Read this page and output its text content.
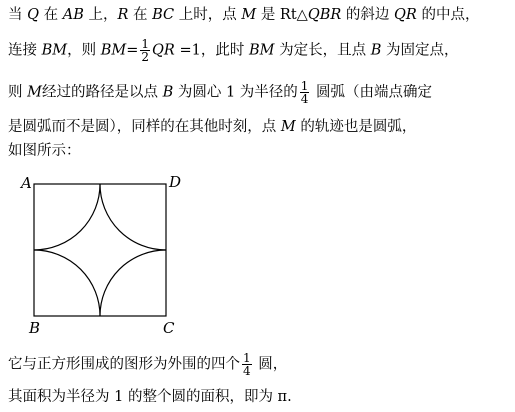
当 Q 在 AB 上，R 在 BC 上时，点 M 是 Rt△QBR 的斜边 QR 的中点，
连接 BM，则 $BM= \frac{1}{2}$ QR =1，此时 BM 为定长，且点 B 为固定点，
则 M经过的路径是以点 B 为圆心 1 为半径的 $\frac{1}{4}$ 圆弧（由端点确定
是圆弧而不是圆），同样的在其他时刻，点 M 的轨迹也是圆弧，
如图所示：
A	D
B	C
它与正方形围成的图形为外围的四个 $\frac{1}{4}$ 圆，
其面积为半径为 1 的整个圆的面积，即为 π.
